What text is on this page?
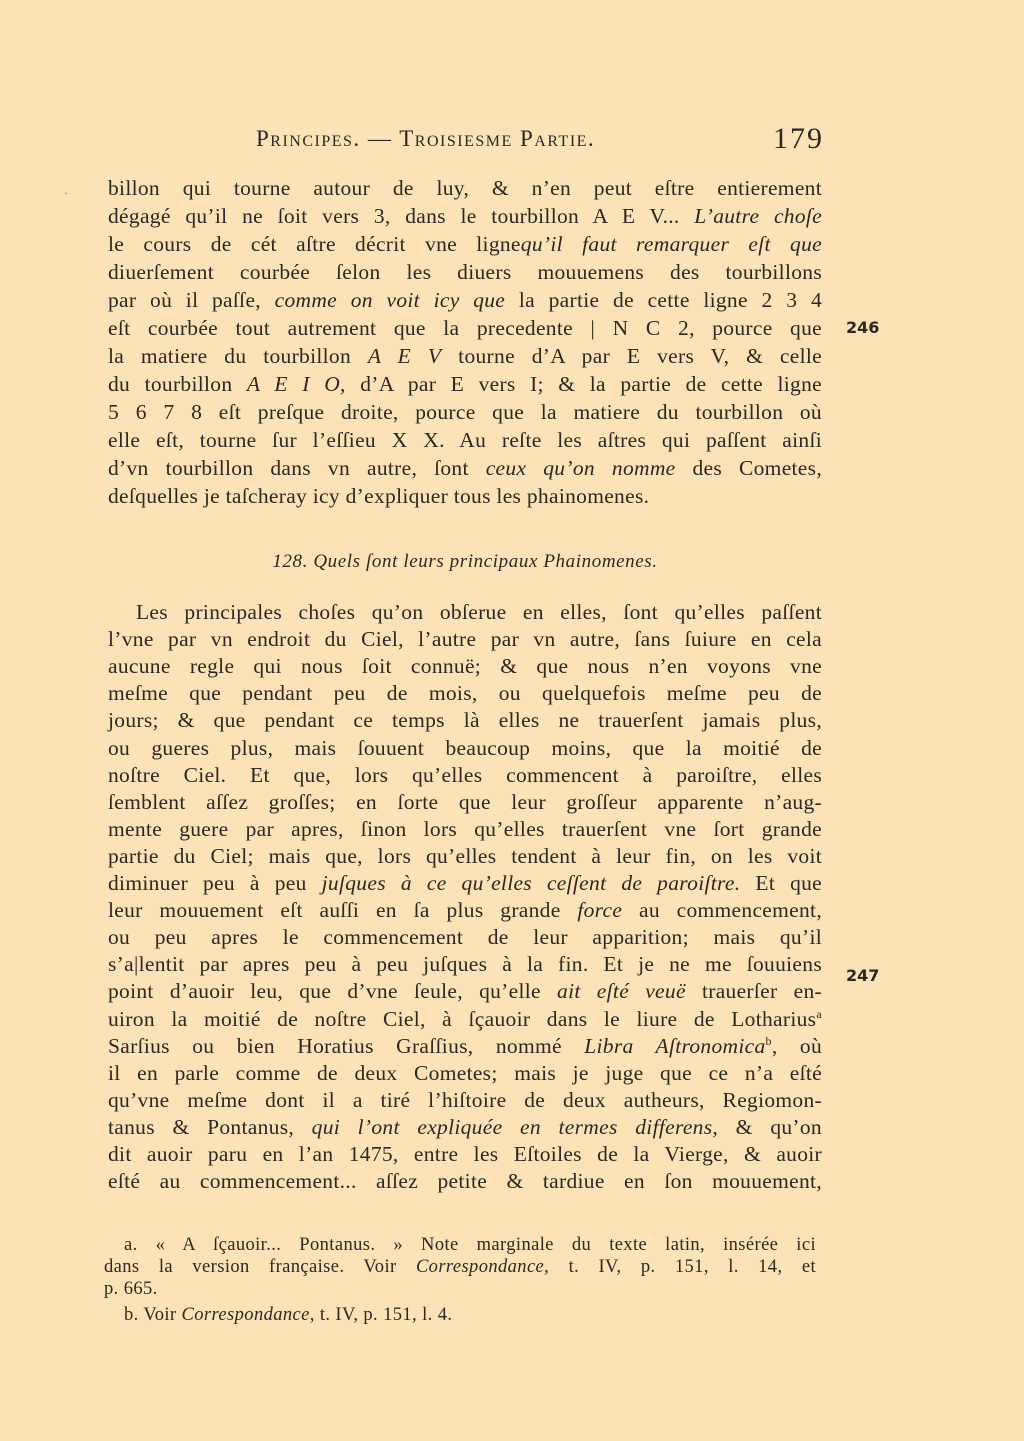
·
Principes. — Troisiesme Partie.	179
billon qui tourne autour de luy, & n’en peut eſtre entierement
dégagé qu’il ne ſoit vers 3, dans le tourbillon A E V... L’autre choſe
le cours de cét aſtre décrit vne lignequ’il faut remarquer eſt que
diuerſement courbée ſelon les diuers mouuemens des tourbillons
par où il paſſe, comme on voit icy que la partie de cette ligne 2 3 4
eſt courbée tout autrement que la precedente | N C 2, pource que
la matiere du tourbillon A E V tourne d’A par E vers V, & celle
du tourbillon A E I O, d’A par E vers I; & la partie de cette ligne
5 6 7 8 eſt preſque droite, pource que la matiere du tourbillon où
elle eſt, tourne ſur l’eſſieu X X. Au reſte les aſtres qui paſſent ainſi
d’vn tourbillon dans vn autre, ſont ceux qu’on nomme des Cometes,
deſquelles je taſcheray icy d’expliquer tous les phainomenes.
128. Quels ſont leurs principaux Phainomenes.
Les principales choſes qu’on obſerue en elles, ſont qu’elles paſſent
l’vne par vn endroit du Ciel, l’autre par vn autre, ſans ſuiure en cela
aucune regle qui nous ſoit connuë; & que nous n’en voyons vne
meſme que pendant peu de mois, ou quelquefois meſme peu de
jours; & que pendant ce temps là elles ne trauerſent jamais plus,
ou gueres plus, mais ſouuent beaucoup moins, que la moitié de
noſtre Ciel. Et que, lors qu’elles commencent à paroiſtre, elles
ſemblent aſſez groſſes; en ſorte que leur groſſeur apparente n’aug-
mente guere par apres, ſinon lors qu’elles trauerſent vne ſort grande
partie du Ciel; mais que, lors qu’elles tendent à leur fin, on les voit
diminuer peu à peu juſques à ce qu’elles ceſſent de paroiſtre. Et que
leur mouuement eſt auſſi en ſa plus grande force au commencement,
ou peu apres le commencement de leur apparition; mais qu’il
s’a|lentit par apres peu à peu juſques à la fin. Et je ne me ſouuiens
point d’auoir leu, que d’vne ſeule, qu’elle ait eſté veuë trauerſer en-
uiron la moitié de noſtre Ciel, à ſçauoir dans le liure de Lotharius$^a$
Sarſius ou bien Horatius Graſſius, nommé Libra Aſtronomica$^b$, où
il en parle comme de deux Cometes; mais je juge que ce n’a eſté
qu’vne meſme dont il a tiré l’hiſtoire de deux autheurs, Regiomon-
tanus & Pontanus, qui l’ont expliquée en termes differens, & qu’on
dit auoir paru en l’an 1475, entre les Eſtoiles de la Vierge, & auoir
eſté au commencement... aſſez petite & tardiue en ſon mouuement,
246
247
a. « A ſçauoir... Pontanus. » Note marginale du texte latin, insérée ici
dans la version française. Voir Correspondance, t. IV, p. 151, l. 14, et
p. 665.
b. Voir Correspondance, t. IV, p. 151, l. 4.
